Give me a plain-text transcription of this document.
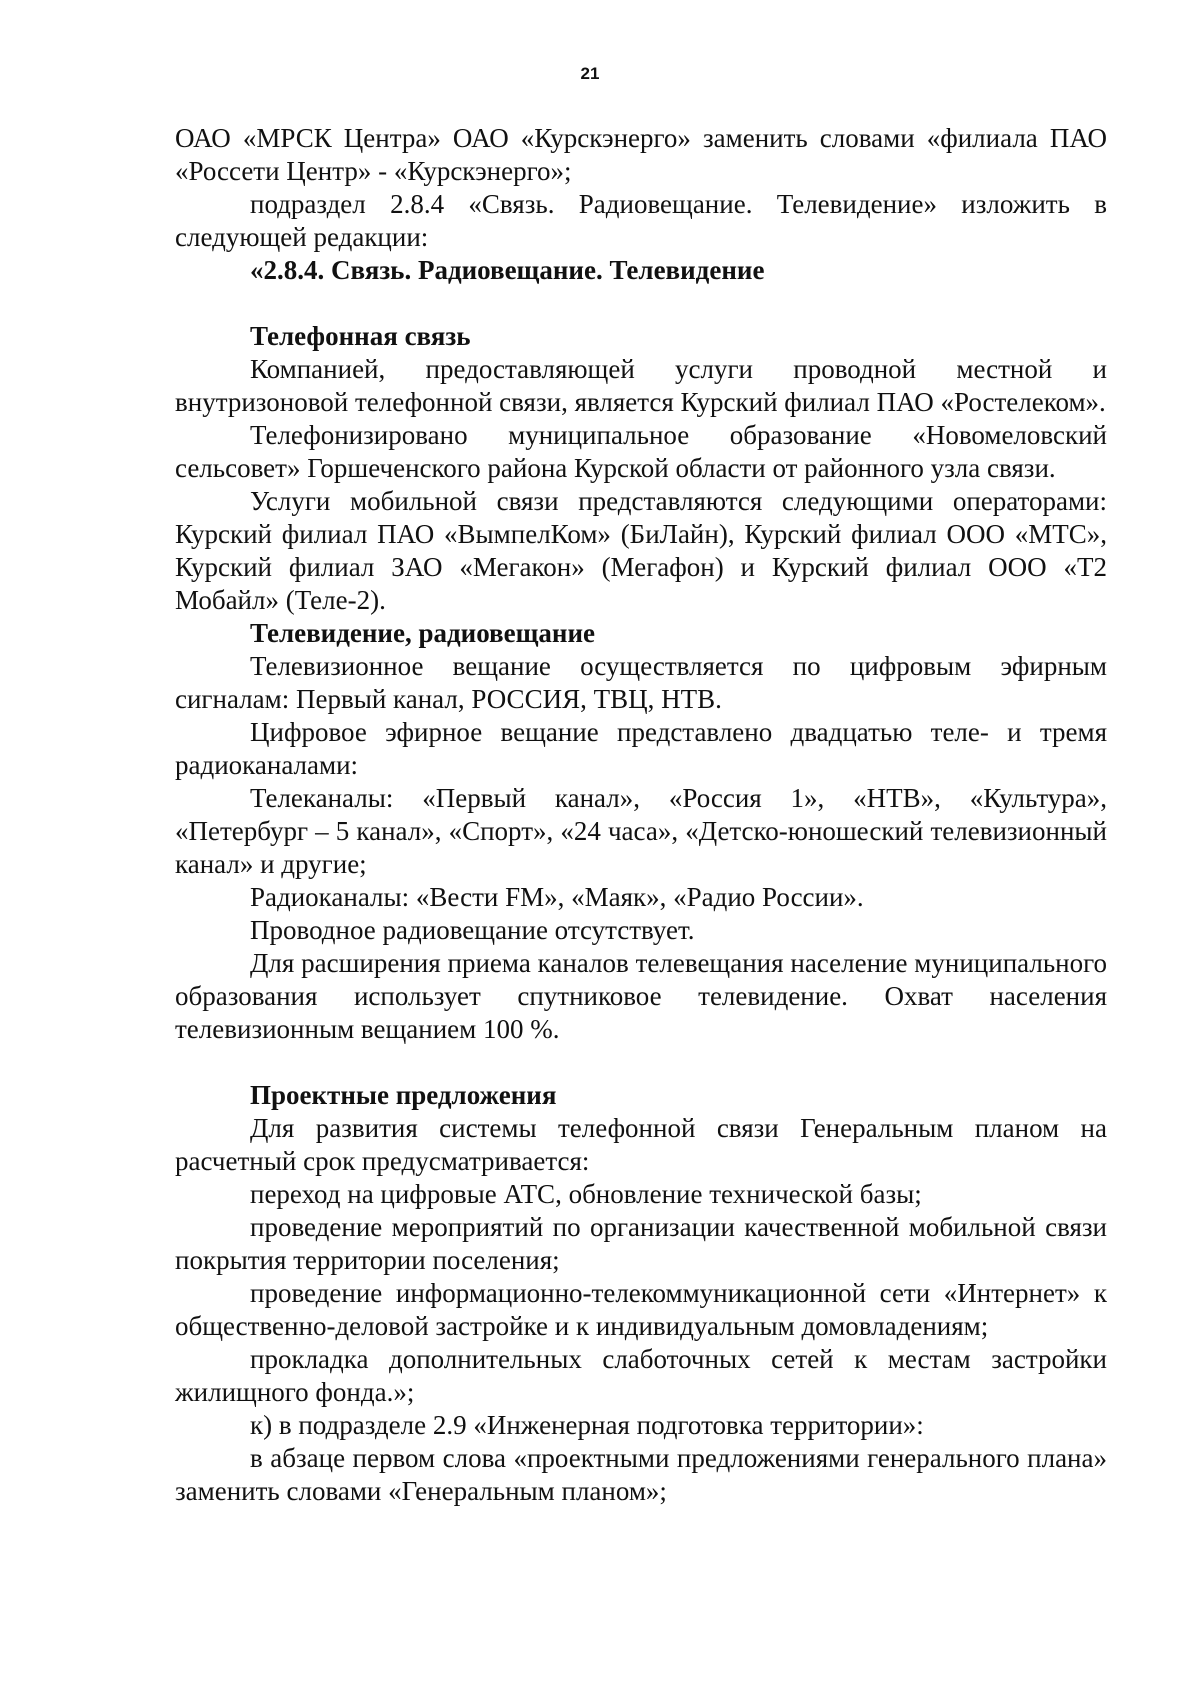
21

ОАО «МРСК Центра» ОАО «Курскэнерго» заменить словами «филиала ПАО «Россети Центр» - «Курскэнерго»;

подраздел 2.8.4 «Связь. Радиовещание. Телевидение» изложить в следующей редакции:

«2.8.4. Связь. Радиовещание. Телевидение

Телефонная связь

Компанией, предоставляющей услуги проводной местной и внутризоновой телефонной связи, является Курский филиал ПАО «Ростелеком».

Телефонизировано муниципальное образование «Новомеловский сельсовет» Горшеченского района Курской области от районного узла связи.

Услуги мобильной связи представляются следующими операторами: Курский филиал ПАО «ВымпелКом» (БиЛайн), Курский филиал ООО «МТС», Курский филиал ЗАО «Мегакон» (Мегафон) и Курский филиал ООО «Т2 Мобайл» (Теле-2).

Телевидение, радиовещание

Телевизионное вещание осуществляется по цифровым эфирным сигналам: Первый канал, РОССИЯ, ТВЦ, НТВ.

Цифровое эфирное вещание представлено двадцатью теле- и тремя радиоканалами:

Телеканалы: «Первый канал», «Россия 1», «НТВ», «Культура», «Петербург – 5 канал», «Спорт», «24 часа», «Детско-юношеский телевизионный канал» и другие;

Радиоканалы: «Вести FM», «Маяк», «Радио России».

Проводное радиовещание отсутствует.

Для расширения приема каналов телевещания население муниципального образования использует спутниковое телевидение. Охват населения телевизионным вещанием 100 %.

Проектные предложения

Для развития системы телефонной связи Генеральным планом на расчетный срок предусматривается:

переход на цифровые АТС, обновление технической базы;

проведение мероприятий по организации качественной мобильной связи покрытия территории поселения;

проведение информационно-телекоммуникационной сети «Интернет» к общественно-деловой застройке и к индивидуальным домовладениям;

прокладка дополнительных слаботочных сетей к местам застройки жилищного фонда.»;

к) в подразделе 2.9 «Инженерная подготовка территории»:

в абзаце первом слова «проектными предложениями генерального плана» заменить словами «Генеральным планом»;
